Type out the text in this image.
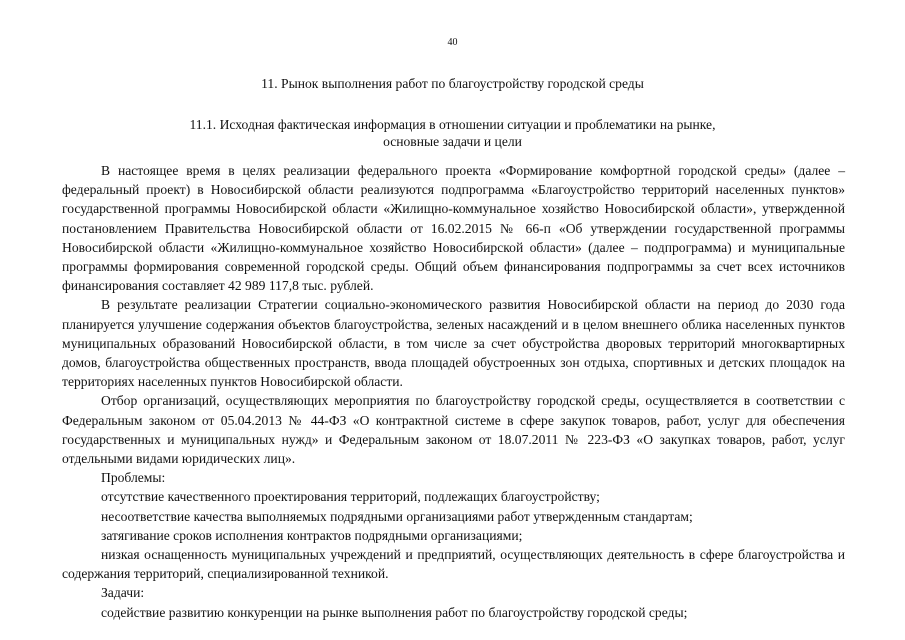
40
11. Рынок выполнения работ по благоустройству городской среды
11.1. Исходная фактическая информация в отношении ситуации и проблематики на рынке,
основные задачи и цели

В настоящее время в целях реализации федерального проекта «Формирование комфортной городской среды» (далее – федеральный проект) в Новосибирской области реализуются подпрограмма «Благоустройство территорий населенных пунктов» государственной программы Новосибирской области «Жилищно-коммунальное хозяйство Новосибирской области», утвержденной постановлением Правительства Новосибирской области от 16.02.2015 № 66-п «Об утверждении государственной программы Новосибирской области «Жилищно-коммунальное хозяйство Новосибирской области» (далее – подпрограмма) и муниципальные программы формирования современной городской среды. Общий объем финансирования подпрограммы за счет всех источников финансирования составляет 42 989 117,8 тыс. рублей.

В результате реализации Стратегии социально-экономического развития Новосибирской области на период до 2030 года планируется улучшение содержания объектов благоустройства, зеленых насаждений и в целом внешнего облика населенных пунктов муниципальных образований Новосибирской области, в том числе за счет обустройства дворовых территорий многоквартирных домов, благоустройства общественных пространств, ввода площадей обустроенных зон отдыха, спортивных и детских площадок на территориях населенных пунктов Новосибирской области.

Отбор организаций, осуществляющих мероприятия по благоустройству городской среды, осуществляется в соответствии с Федеральным законом от 05.04.2013 № 44-ФЗ «О контрактной системе в сфере закупок товаров, работ, услуг для обеспечения государственных и муниципальных нужд» и Федеральным законом от 18.07.2011 № 223-ФЗ «О закупках товаров, работ, услуг отдельными видами юридических лиц».

Проблемы:

отсутствие качественного проектирования территорий, подлежащих благоустройству;

несоответствие качества выполняемых подрядными организациями работ утвержденным стандартам;

затягивание сроков исполнения контрактов подрядными организациями;

низкая оснащенность муниципальных учреждений и предприятий, осуществляющих деятельность в сфере благоустройства и содержания территорий, специализированной техникой.

Задачи:

содействие развитию конкуренции на рынке выполнения работ по благоустройству городской среды;
